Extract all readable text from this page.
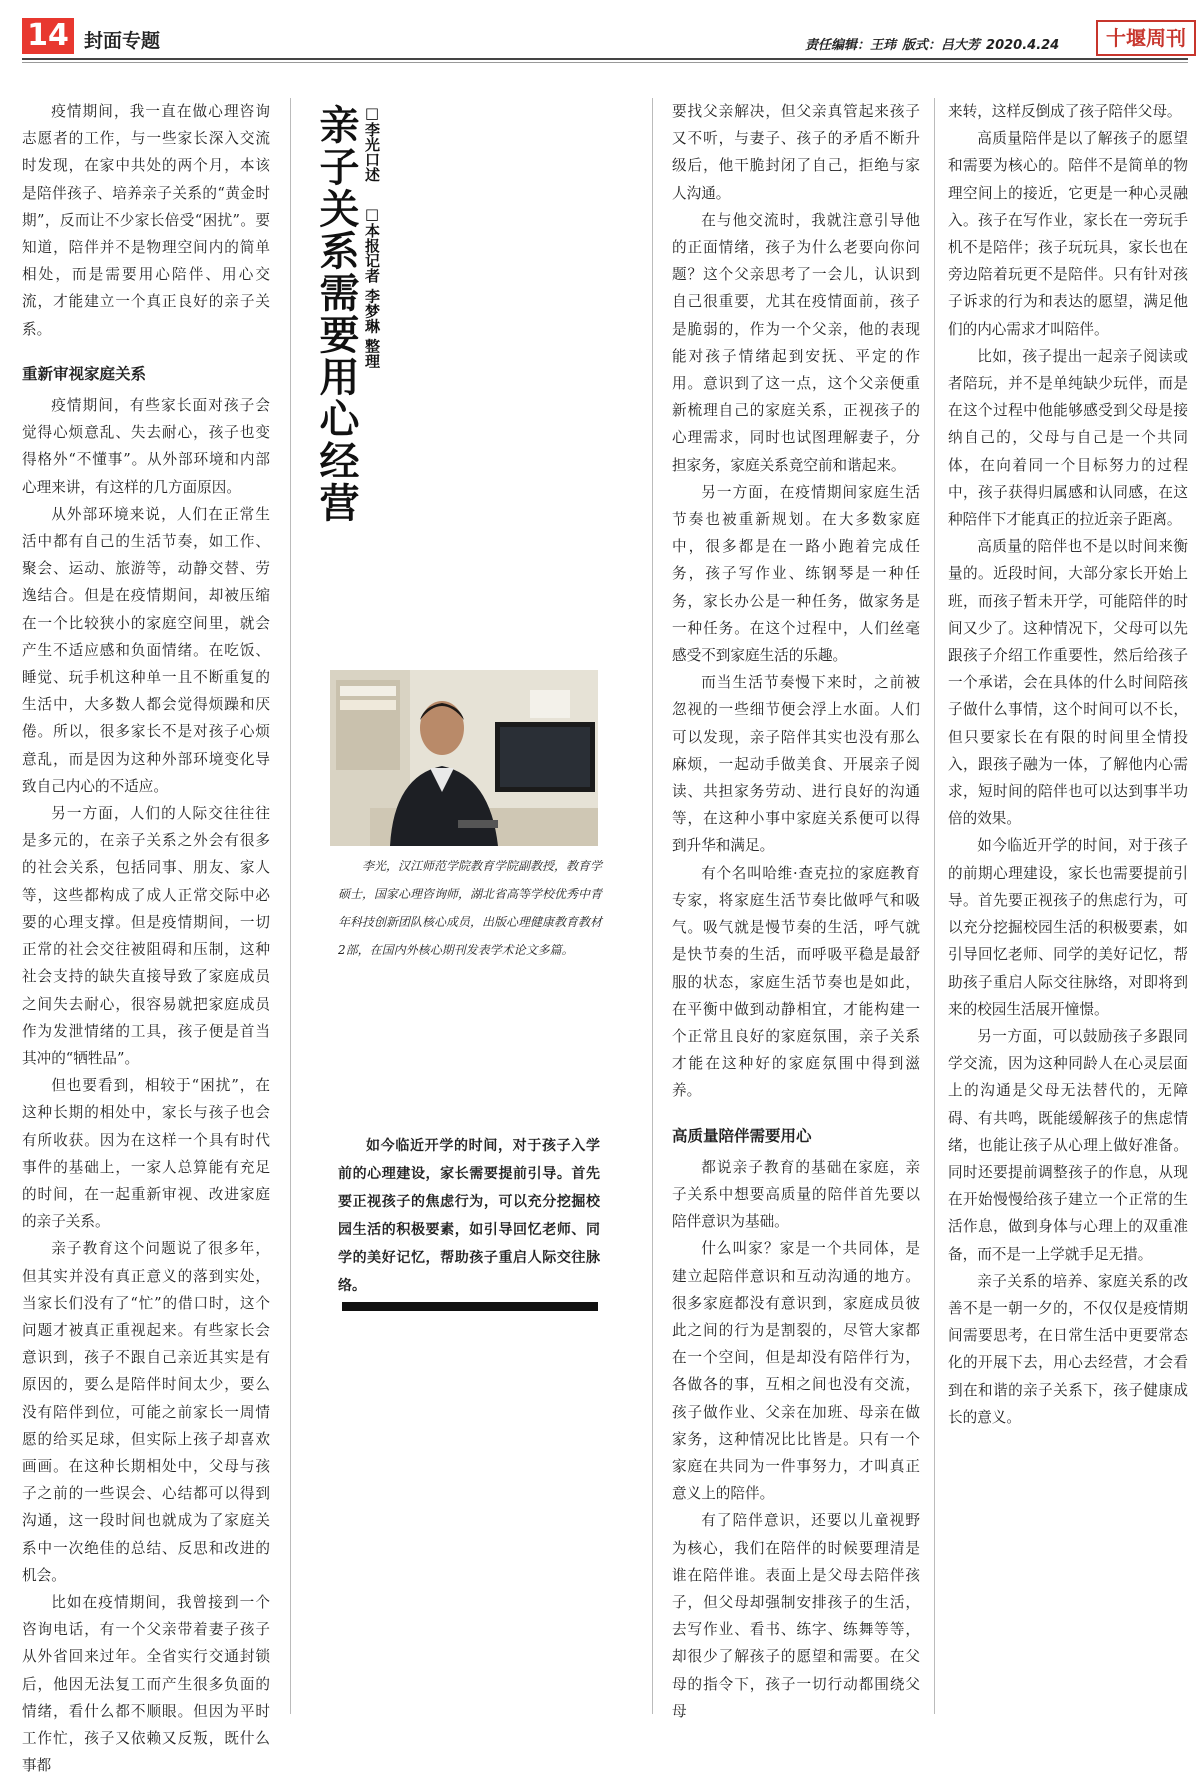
14 封面专题	责任编辑：王玮 版式：吕大芳 2020.4.24	十堰周刊

疫情期间，我一直在做心理咨询志愿者的工作，与一些家长深入交流时发现，在家中共处的两个月，本该是陪伴孩子、培养亲子关系的“黄金时期”，反而让不少家长倍受“困扰”。要知道，陪伴并不是物理空间内的简单相处，而是需要用心陪伴、用心交流，才能建立一个真正良好的亲子关系。

重新审视家庭关系

疫情期间，有些家长面对孩子会觉得心烦意乱、失去耐心，孩子也变得格外“不懂事”。从外部环境和内部心理来讲，有这样的几方面原因。

从外部环境来说，人们在正常生活中都有自己的生活节奏，如工作、聚会、运动、旅游等，动静交替、劳逸结合。但是在疫情期间，却被压缩在一个比较狭小的家庭空间里，就会产生不适应感和负面情绪。在吃饭、睡觉、玩手机这种单一且不断重复的生活中，大多数人都会觉得烦躁和厌倦。所以，很多家长不是对孩子心烦意乱，而是因为这种外部环境变化导致自己内心的不适应。

另一方面，人们的人际交往往往是多元的，在亲子关系之外会有很多的社会关系，包括同事、朋友、家人等，这些都构成了成人正常交际中必要的心理支撑。但是疫情期间，一切正常的社会交往被阻碍和压制，这种社会支持的缺失直接导致了家庭成员之间失去耐心，很容易就把家庭成员作为发泄情绪的工具，孩子便是首当其冲的“牺牲品”。

但也要看到，相较于“困扰”，在这种长期的相处中，家长与孩子也会有所收获。因为在这样一个具有时代事件的基础上，一家人总算能有充足的时间，在一起重新审视、改进家庭的亲子关系。

亲子教育这个问题说了很多年，但其实并没有真正意义的落到实处，当家长们没有了“忙”的借口时，这个问题才被真正重视起来。有些家长会意识到，孩子不跟自己亲近其实是有原因的，要么是陪伴时间太少，要么没有陪伴到位，可能之前家长一周情愿的给买足球，但实际上孩子却喜欢画画。在这种长期相处中，父母与孩子之前的一些误会、心结都可以得到沟通，这一段时间也就成为了家庭关系中一次绝佳的总结、反思和改进的机会。

比如在疫情期间，我曾接到一个咨询电话，有一个父亲带着妻子孩子从外省回来过年。全省实行交通封锁后，他因无法复工而产生很多负面的情绪，看什么都不顺眼。但因为平时工作忙，孩子又依赖又反叛，既什么事都

亲子关系需要用心经营 □李光口述 □本报记者 李梦琳 整理
李光，汉江师范学院教育学院副教授，教育学硕士，国家心理咨询师，湖北省高等学校优秀中青年科技创新团队核心成员，出版心理健康教育教材2部，在国内外核心期刊发表学术论文多篇。
如今临近开学的时间，对于孩子入学前的心理建设，家长需要提前引导。首先要正视孩子的焦虑行为，可以充分挖掘校园生活的积极要素，如引导回忆老师、同学的美好记忆，帮助孩子重启人际交往脉络。

要找父亲解决，但父亲真管起来孩子又不听，与妻子、孩子的矛盾不断升级后，他干脆封闭了自己，拒绝与家人沟通。

在与他交流时，我就注意引导他的正面情绪，孩子为什么老要向你问题？这个父亲思考了一会儿，认识到自己很重要，尤其在疫情面前，孩子是脆弱的，作为一个父亲，他的表现能对孩子情绪起到安抚、平定的作用。意识到了这一点，这个父亲便重新梳理自己的家庭关系，正视孩子的心理需求，同时也试图理解妻子，分担家务，家庭关系竟空前和谐起来。

另一方面，在疫情期间家庭生活节奏也被重新规划。在大多数家庭中，很多都是在一路小跑着完成任务，孩子写作业、练钢琴是一种任务，家长办公是一种任务，做家务是一种任务。在这个过程中，人们丝毫感受不到家庭生活的乐趣。

而当生活节奏慢下来时，之前被忽视的一些细节便会浮上水面。人们可以发现，亲子陪伴其实也没有那么麻烦，一起动手做美食、开展亲子阅读、共担家务劳动、进行良好的沟通等，在这种小事中家庭关系便可以得到升华和满足。

有个名叫哈维·查克拉的家庭教育专家，将家庭生活节奏比做呼气和吸气。吸气就是慢节奏的生活，呼气就是快节奏的生活，而呼吸平稳是最舒服的状态，家庭生活节奏也是如此，在平衡中做到动静相宜，才能构建一个正常且良好的家庭氛围，亲子关系才能在这种好的家庭氛围中得到滋养。

高质量陪伴需要用心

都说亲子教育的基础在家庭，亲子关系中想要高质量的陪伴首先要以陪伴意识为基础。

什么叫家？家是一个共同体，是建立起陪伴意识和互动沟通的地方。很多家庭都没有意识到，家庭成员彼此之间的行为是割裂的，尽管大家都在一个空间，但是却没有陪伴行为，各做各的事，互相之间也没有交流，孩子做作业、父亲在加班、母亲在做家务，这种情况比比皆是。只有一个家庭在共同为一件事努力，才叫真正意义上的陪伴。

有了陪伴意识，还要以儿童视野为核心，我们在陪伴的时候要理清是谁在陪伴谁。表面上是父母去陪伴孩子，但父母却强制安排孩子的生活，去写作业、看书、练字、练舞等等，却很少了解孩子的愿望和需要。在父母的指令下，孩子一切行动都围绕父母

来转，这样反倒成了孩子陪伴父母。

高质量陪伴是以了解孩子的愿望和需要为核心的。陪伴不是简单的物理空间上的接近，它更是一种心灵融入。孩子在写作业，家长在一旁玩手机不是陪伴；孩子玩玩具，家长也在旁边陪着玩更不是陪伴。只有针对孩子诉求的行为和表达的愿望，满足他们的内心需求才叫陪伴。

比如，孩子提出一起亲子阅读或者陪玩，并不是单纯缺少玩伴，而是在这个过程中他能够感受到父母是接纳自己的，父母与自己是一个共同体，在向着同一个目标努力的过程中，孩子获得归属感和认同感，在这种陪伴下才能真正的拉近亲子距离。

高质量的陪伴也不是以时间来衡量的。近段时间，大部分家长开始上班，而孩子暂未开学，可能陪伴的时间又少了。这种情况下，父母可以先跟孩子介绍工作重要性，然后给孩子一个承诺，会在具体的什么时间陪孩子做什么事情，这个时间可以不长，但只要家长在有限的时间里全情投入，跟孩子融为一体，了解他内心需求，短时间的陪伴也可以达到事半功倍的效果。

如今临近开学的时间，对于孩子的前期心理建设，家长也需要提前引导。首先要正视孩子的焦虑行为，可以充分挖掘校园生活的积极要素，如引导回忆老师、同学的美好记忆，帮助孩子重启人际交往脉络，对即将到来的校园生活展开憧憬。

另一方面，可以鼓励孩子多跟同学交流，因为这种同龄人在心灵层面上的沟通是父母无法替代的，无障碍、有共鸣，既能缓解孩子的焦虑情绪，也能让孩子从心理上做好准备。同时还要提前调整孩子的作息，从现在开始慢慢给孩子建立一个正常的生活作息，做到身体与心理上的双重准备，而不是一上学就手足无措。

亲子关系的培养、家庭关系的改善不是一朝一夕的，不仅仅是疫情期间需要思考，在日常生活中更要常态化的开展下去，用心去经营，才会看到在和谐的亲子关系下，孩子健康成长的意义。
